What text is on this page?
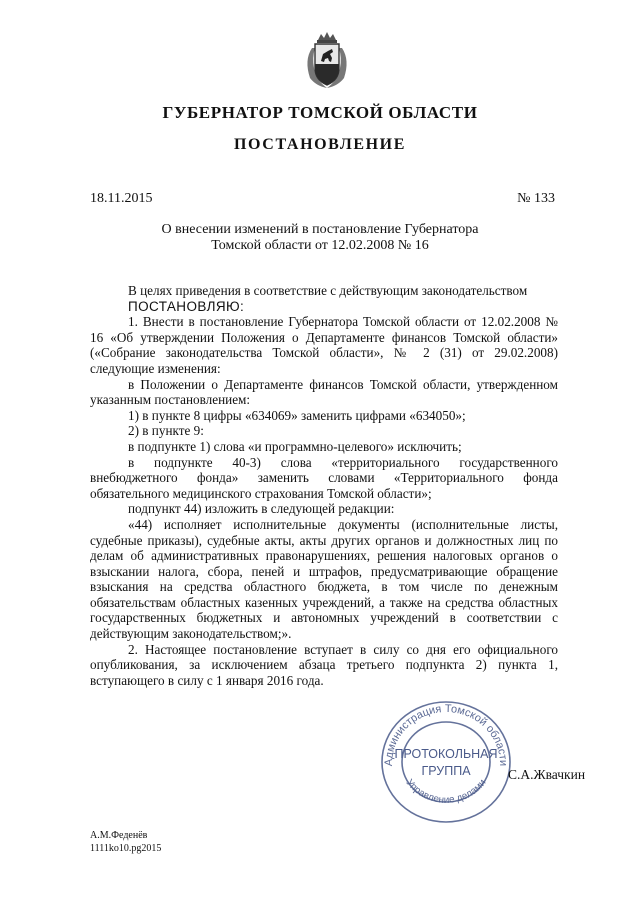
ГУБЕРНАТОР ТОМСКОЙ ОБЛАСТИ
ПОСТАНОВЛЕНИЕ
18.11.2015	№ 133
О внесении изменений в постановление Губернатора
Томской области от 12.02.2008 № 16

В целях приведения в соответствие с действующим законодательством

ПОСТАНОВЛЯЮ:

1. Внести в постановление Губернатора Томской области от 12.02.2008 № 16 «Об утверждении Положения о Департаменте финансов Томской области» («Собрание законодательства Томской области», № 2 (31) от 29.02.2008) следующие изменения:

в Положении о Департаменте финансов Томской области, утвержденном указанным постановлением:

1) в пункте 8 цифры «634069» заменить цифрами «634050»;

2) в пункте 9:

в подпункте 1) слова «и программно-целевого» исключить;

в подпункте 40-3) слова «территориального государственного внебюджетного фонда» заменить словами «Территориального фонда обязательного медицинского страхования Томской области»;

подпункт 44) изложить в следующей редакции:

«44) исполняет исполнительные документы (исполнительные листы, судебные приказы), судебные акты, акты других органов и должностных лиц по делам об административных правонарушениях, решения налоговых органов о взыскании налога, сбора, пеней и штрафов, предусматривающие обращение взыскания на средства областного бюджета, в том числе по денежным обязательствам областных казенных учреждений, а также на средства областных государственных бюджетных и автономных учреждений в соответствии с действующим законодательством;».

2. Настоящее постановление вступает в силу со дня его официального опубликования, за исключением абзаца третьего подпункта 2) пункта 1, вступающего в силу с 1 января 2016 года.

Администрация Томской области
Управление делами
ПРОТОКОЛЬНАЯ
ГРУППА	С.А.Жвачкин
А.М.Феденёв
1111ko10.pg2015
